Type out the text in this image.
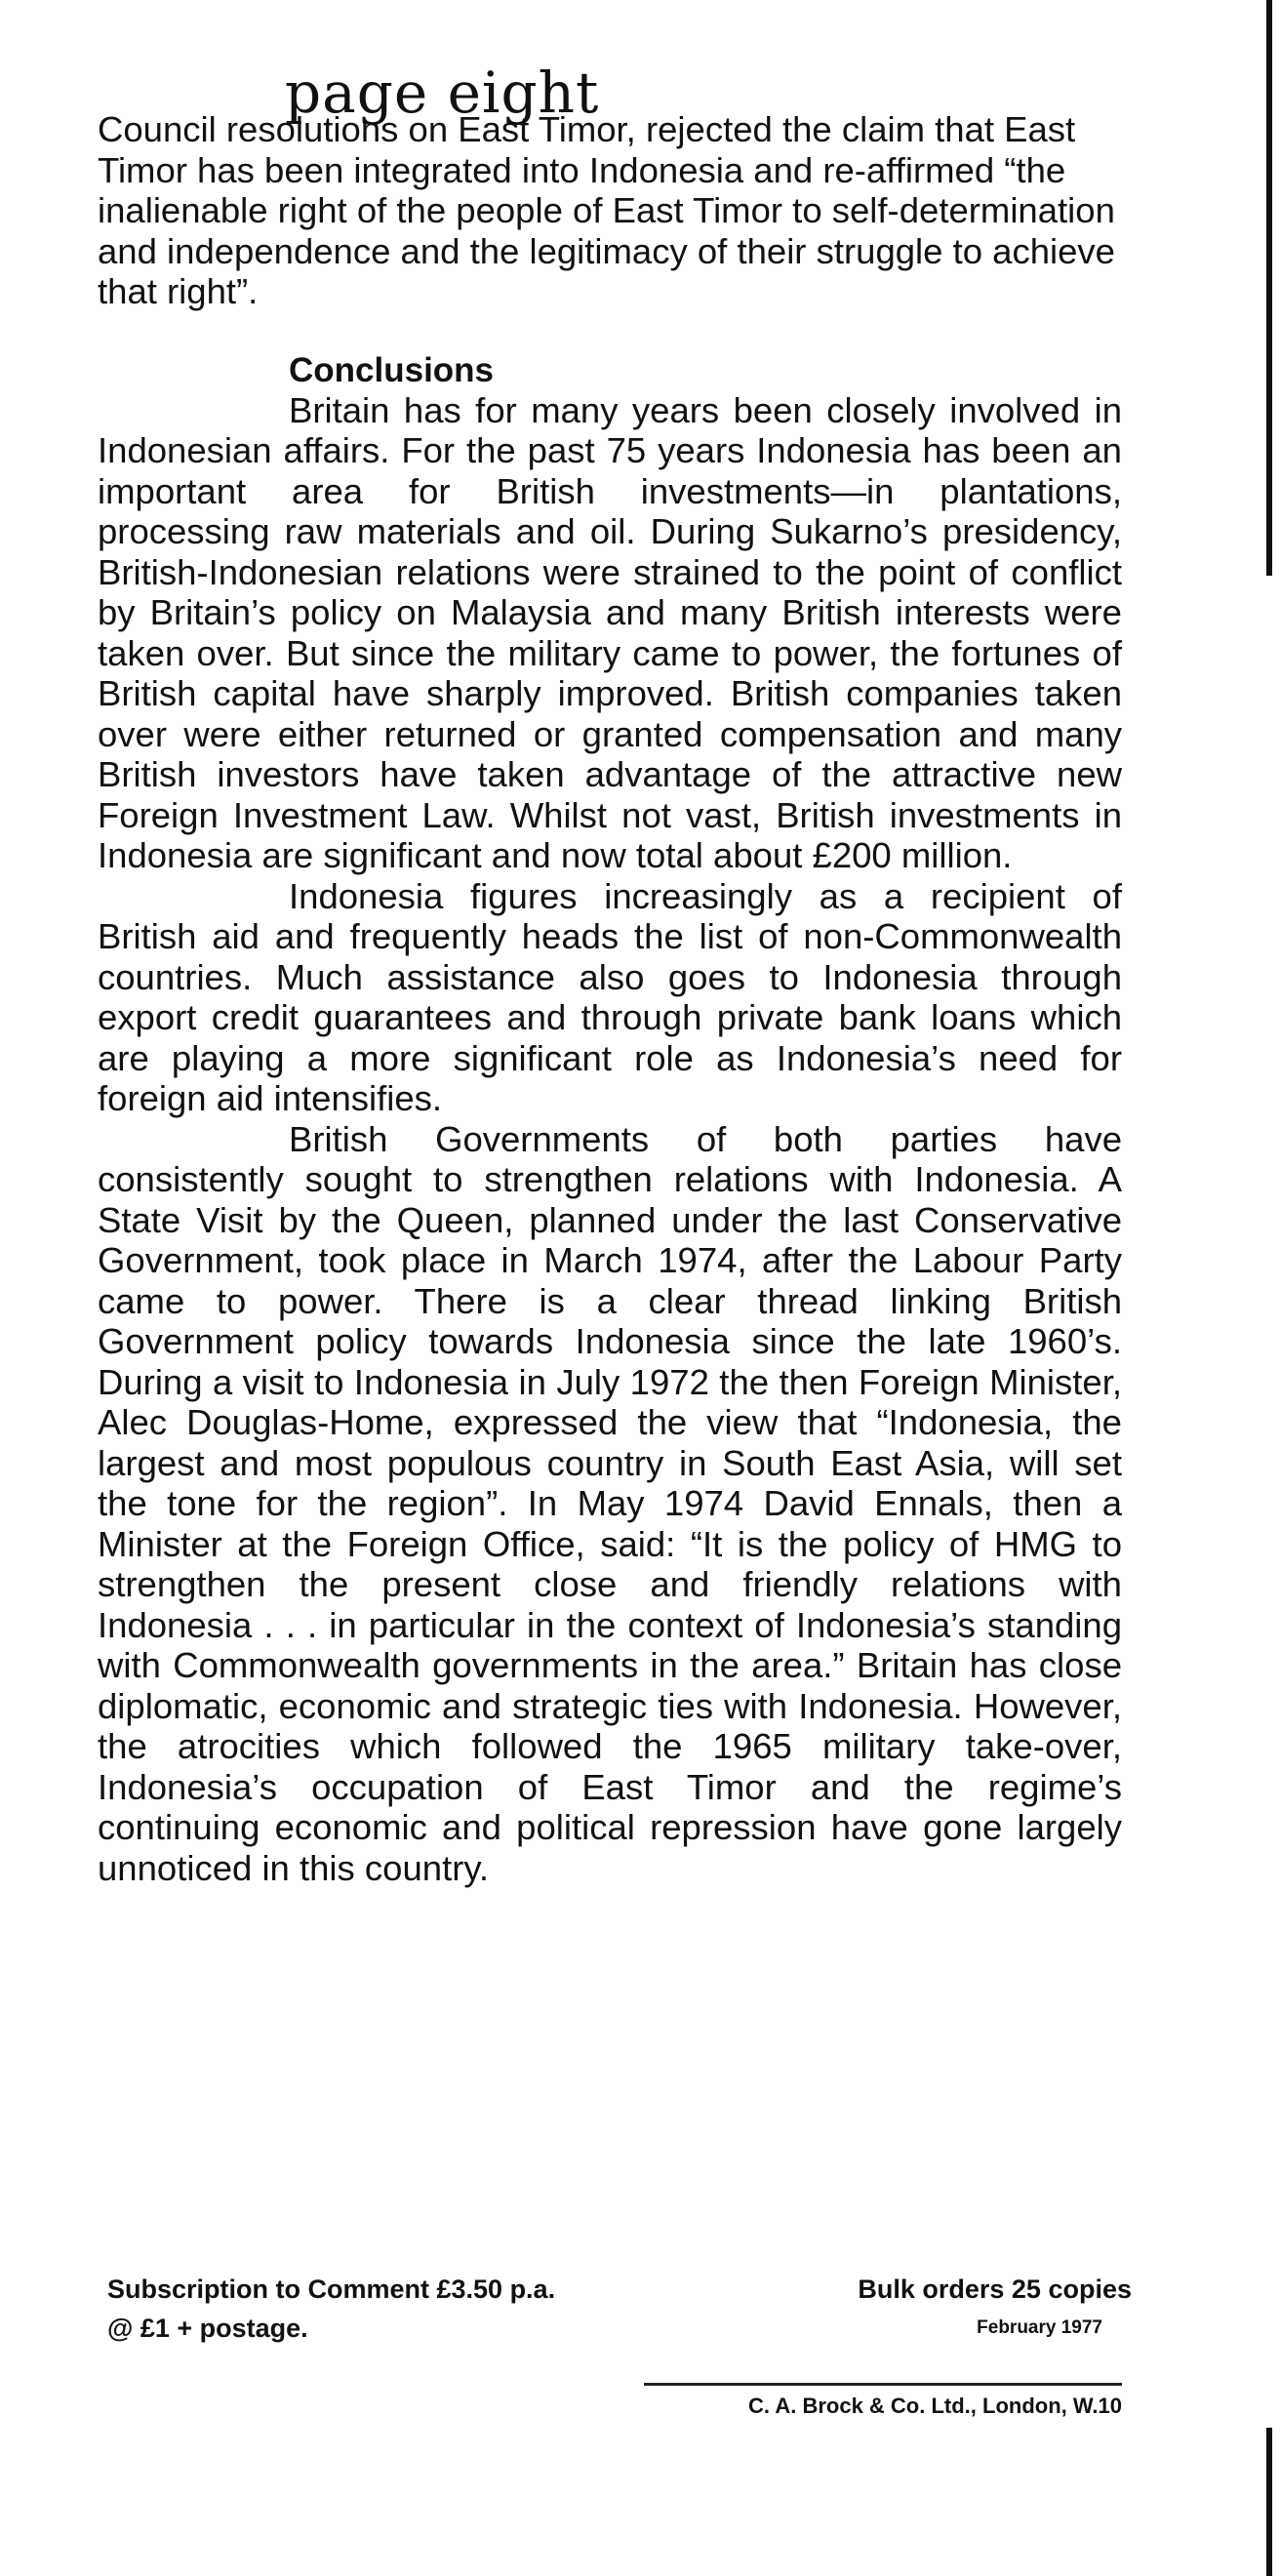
page eight

Council resolutions on East Timor, rejected the claim that East Timor has been integrated into Indonesia and re-affirmed “the inalienable right of the people of East Timor to self-determination and independence and the legitimacy of their struggle to achieve that right”.

Conclusions

Britain has for many years been closely involved in Indonesian affairs. For the past 75 years Indonesia has been an important area for British investments—in plantations, processing raw materials and oil. During Sukarno’s presidency, British-Indonesian relations were strained to the point of conflict by Britain’s policy on Malaysia and many British interests were taken over. But since the military came to power, the fortunes of British capital have sharply improved. British companies taken over were either returned or granted compensation and many British investors have taken advantage of the attractive new Foreign Investment Law. Whilst not vast, British investments in Indonesia are significant and now total about £200 million.

Indonesia figures increasingly as a recipient of British aid and frequently heads the list of non-Commonwealth countries. Much assistance also goes to Indonesia through export credit guarantees and through private bank loans which are playing a more significant role as Indonesia’s need for foreign aid intensifies.

British Governments of both parties have consistently sought to strengthen relations with Indonesia. A State Visit by the Queen, planned under the last Conservative Government, took place in March 1974, after the Labour Party came to power. There is a clear thread linking British Government policy towards Indonesia since the late 1960’s. During a visit to Indonesia in July 1972 the then Foreign Minister, Alec Douglas-Home, expressed the view that “Indonesia, the largest and most populous country in South East Asia, will set the tone for the region”. In May 1974 David Ennals, then a Minister at the Foreign Office, said: “It is the policy of HMG to strengthen the present close and friendly relations with Indonesia . . . in particular in the context of Indonesia’s standing with Commonwealth governments in the area.” Britain has close diplomatic, economic and strategic ties with Indonesia. However, the atrocities which followed the 1965 military take-over, Indonesia’s occupation of East Timor and the regime’s continuing economic and political repression have gone largely unnoticed in this country.

Subscription to Comment £3.50 p.a.	Bulk orders 25 copies
@ £1 + postage.	February 1977
C. A. Brock & Co. Ltd., London, W.10
